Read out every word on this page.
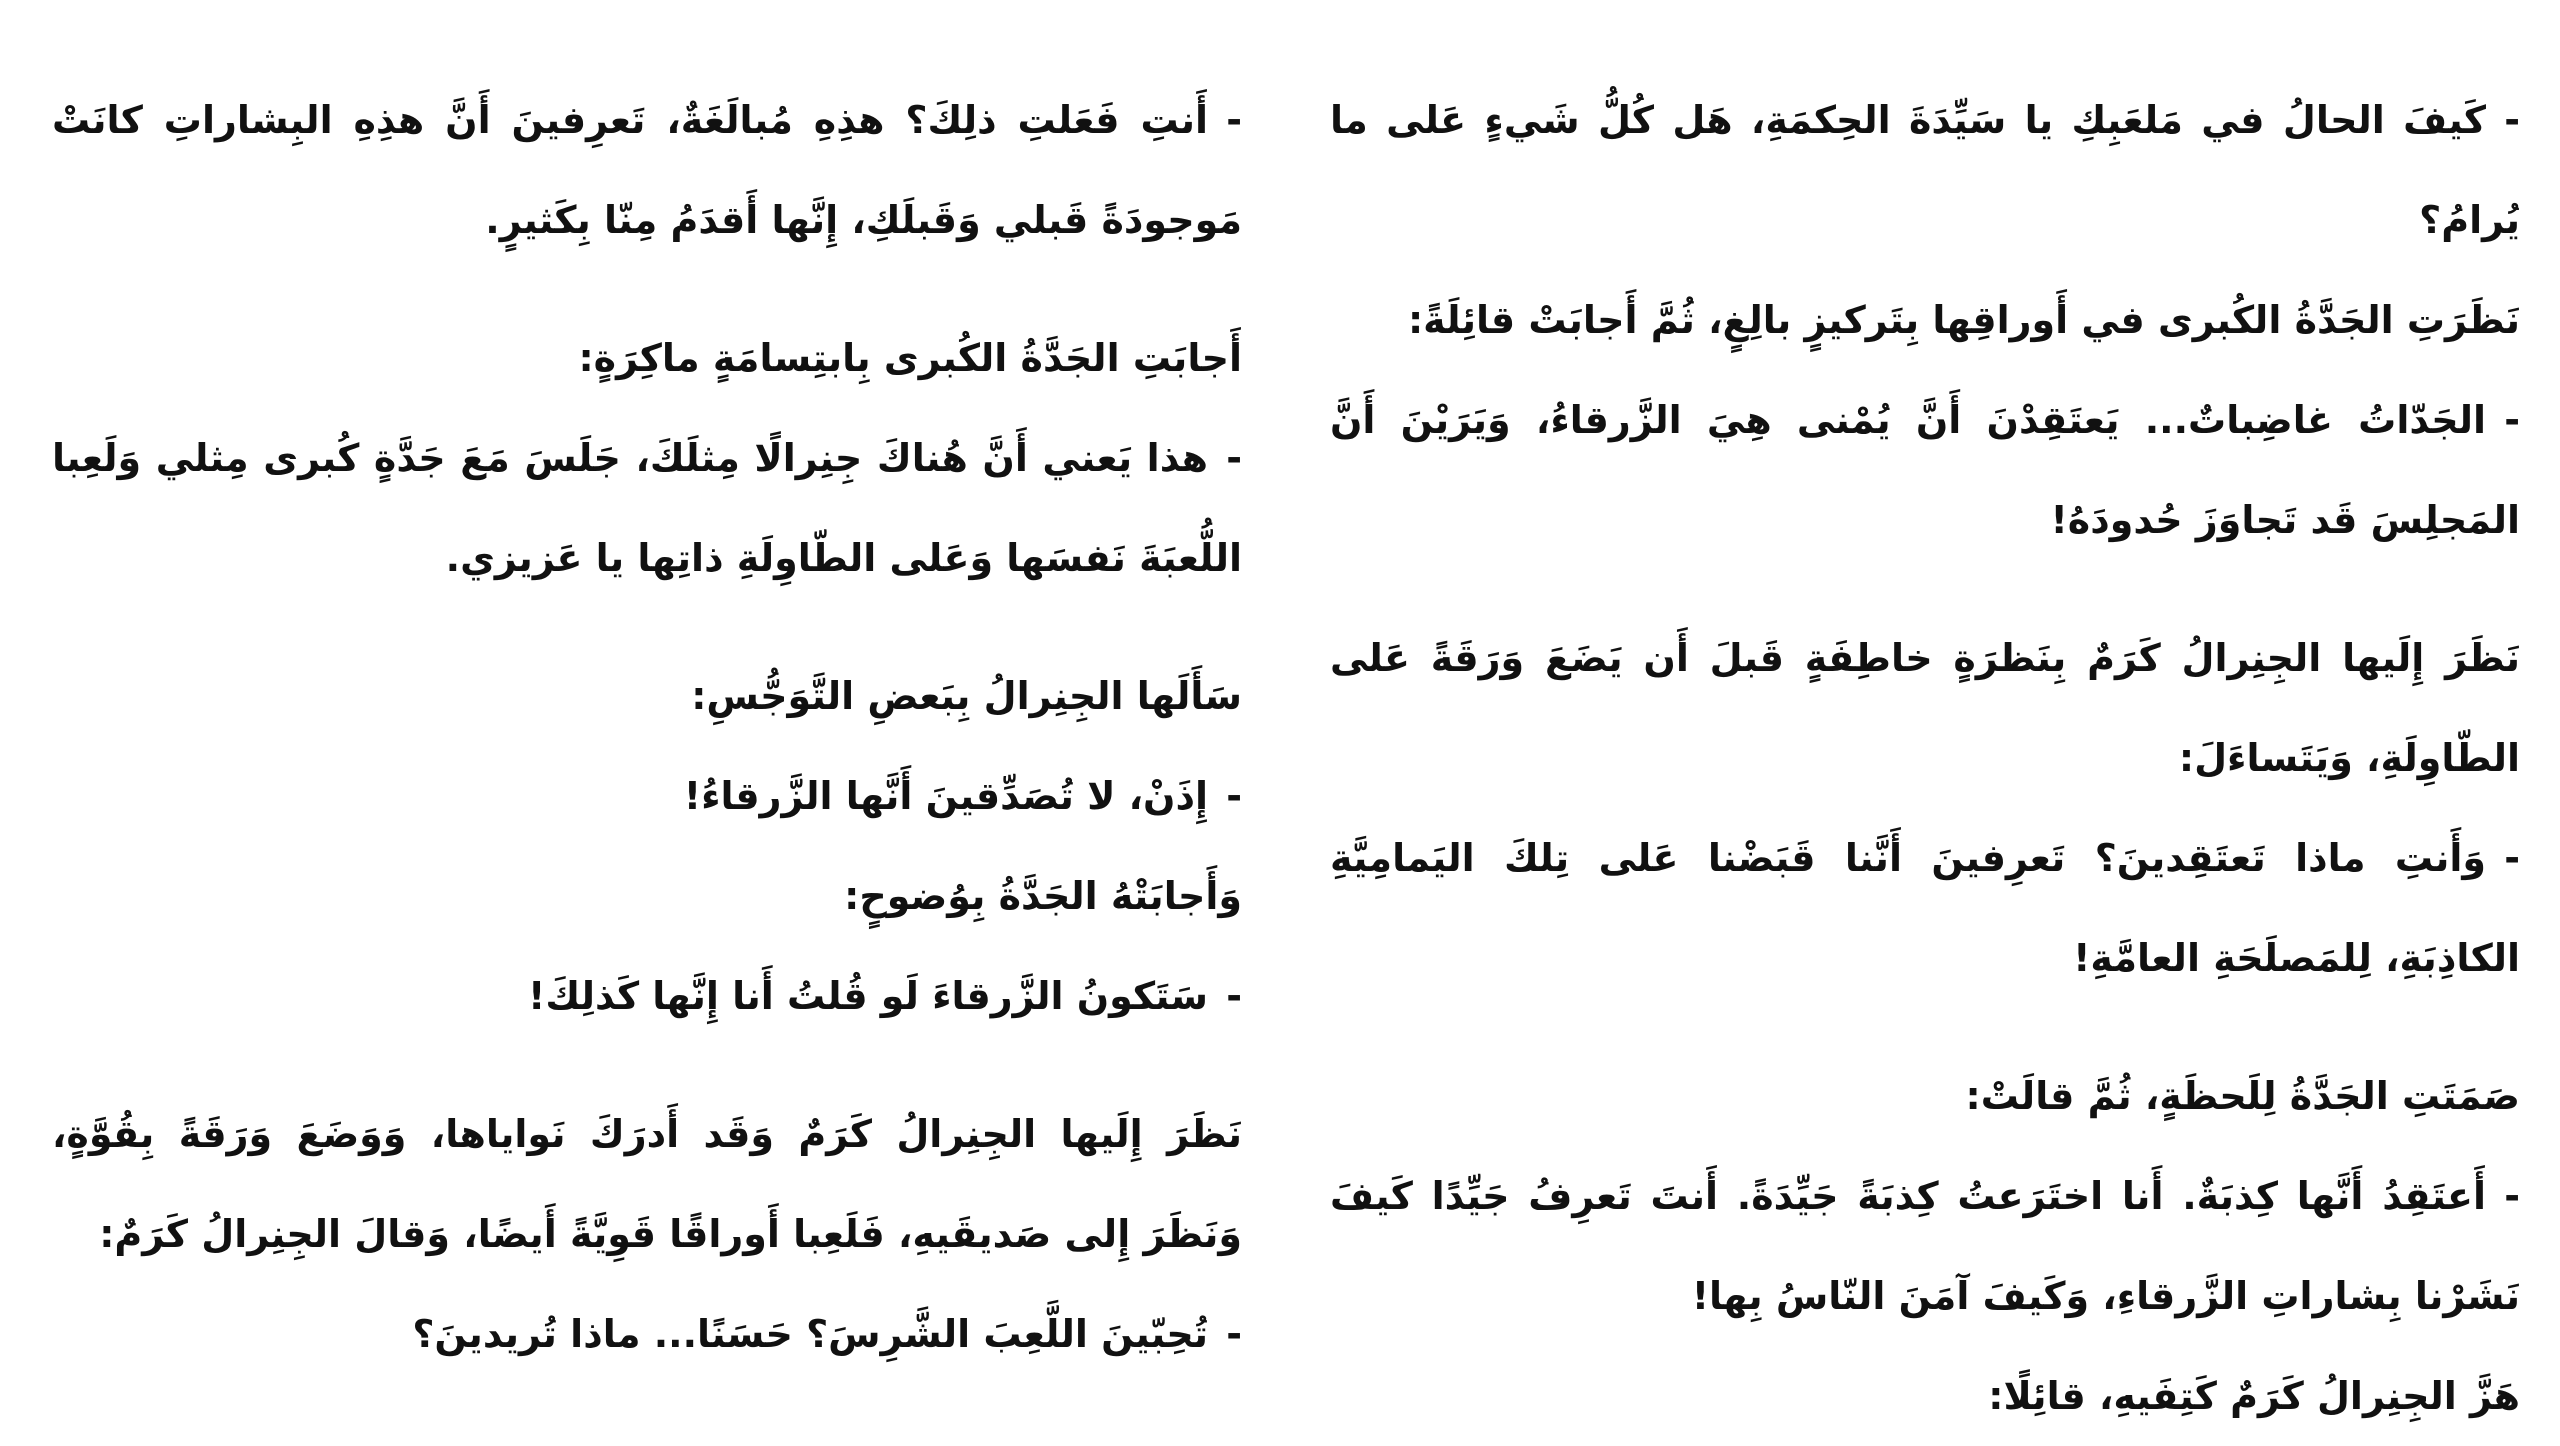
-كَيفَ الحالُ في مَلعَبِكِ يا سَيِّدَةَ الحِكمَةِ، هَل كُلُّ شَيءٍ عَلى ما يُرامُ؟

نَظَرَتِ الجَدَّةُ الكُبرى في أَوراقِها بِتَركيزٍ بالِغٍ، ثُمَّ أَجابَتْ قائِلَةً:

-الجَدّاتُ غاضِباتٌ... يَعتَقِدْنَ أَنَّ يُمْنى هِيَ الزَّرقاءُ، وَيَرَيْنَ أَنَّ المَجلِسَ قَد تَجاوَزَ حُدودَهُ!

نَظَرَ إِلَيها الجِنِرالُ كَرَمٌ بِنَظرَةٍ خاطِفَةٍ قَبلَ أَن يَضَعَ وَرَقَةً عَلى الطّاوِلَةِ، وَيَتَساءَلَ:

-وَأَنتِ ماذا تَعتَقِدينَ؟ تَعرِفينَ أَنَّنا قَبَضْنا عَلى تِلكَ اليَمامِيَّةِ الكاذِبَةِ، لِلمَصلَحَةِ العامَّةِ!

صَمَتَتِ الجَدَّةُ لِلَحظَةٍ، ثُمَّ قالَتْ:

-أَعتَقِدُ أَنَّها كِذبَةٌ. أَنا اختَرَعتُ كِذبَةً جَيِّدَةً. أَنتَ تَعرِفُ جَيِّدًا كَيفَ نَشَرْنا بِشاراتِ الزَّرقاءِ، وَكَيفَ آمَنَ النّاسُ بِها!

هَزَّ الجِنِرالُ كَرَمٌ كَتِفَيهِ، قائِلًا:

-أَنتِ فَعَلتِ ذلِكَ؟ هذِهِ مُبالَغَةٌ، تَعرِفينَ أَنَّ هذِهِ البِشاراتِ كانَتْ مَوجودَةً قَبلي وَقَبلَكِ، إِنَّها أَقدَمُ مِنّا بِكَثيرٍ.

أَجابَتِ الجَدَّةُ الكُبرى بِابتِسامَةٍ ماكِرَةٍ:

-هذا يَعني أَنَّ هُناكَ جِنِرالًا مِثلَكَ، جَلَسَ مَعَ جَدَّةٍ كُبرى مِثلي وَلَعِبا اللُّعبَةَ نَفسَها وَعَلى الطّاوِلَةِ ذاتِها يا عَزيزي.

سَأَلَها الجِنِرالُ بِبَعضِ التَّوَجُّسِ:

-إِذَنْ، لا تُصَدِّقينَ أَنَّها الزَّرقاءُ!

وَأَجابَتْهُ الجَدَّةُ بِوُضوحٍ:

-سَتَكونُ الزَّرقاءَ لَو قُلتُ أَنا إِنَّها كَذلِكَ!

نَظَرَ إِلَيها الجِنِرالُ كَرَمٌ وَقَد أَدرَكَ نَواياها، وَوَضَعَ وَرَقَةً بِقُوَّةٍ، وَنَظَرَ إِلى صَديقَيهِ، فَلَعِبا أَوراقًا قَوِيَّةً أَيضًا، وَقالَ الجِنِرالُ كَرَمٌ:

-تُحِبّينَ اللَّعِبَ الشَّرِسَ؟ حَسَنًا... ماذا تُريدينَ؟
